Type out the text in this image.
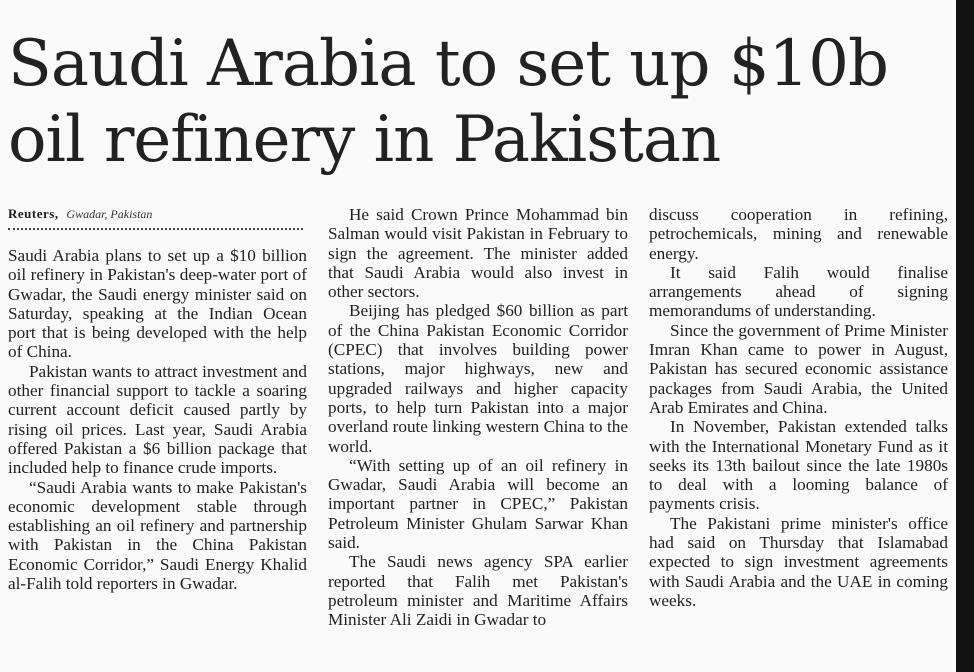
Saudi Arabia to set up $10b oil refinery in Pakistan
Reuters, Gwadar, Pakistan

Saudi Arabia plans to set up a $10 billion oil refinery in Pakistan's deep-water port of Gwadar, the Saudi energy minister said on Saturday, speaking at the Indian Ocean port that is being developed with the help of China.

Pakistan wants to attract investment and other financial support to tackle a soaring current account deficit caused partly by rising oil prices. Last year, Saudi Arabia offered Pakistan a $6 billion package that included help to finance crude imports.

“Saudi Arabia wants to make Pakistan's economic development stable through establishing an oil refinery and partnership with Pakistan in the China Pakistan Economic Corridor,” Saudi Energy Khalid al-Falih told reporters in Gwadar.

He said Crown Prince Mohammad bin Salman would visit Pakistan in February to sign the agreement. The minister added that Saudi Arabia would also invest in other sectors.

Beijing has pledged $60 billion as part of the China Pakistan Economic Corridor (CPEC) that involves building power stations, major highways, new and upgraded railways and higher capacity ports, to help turn Pakistan into a major overland route linking western China to the world.

“With setting up of an oil refinery in Gwadar, Saudi Arabia will become an important partner in CPEC,” Pakistan Petroleum Minister Ghulam Sarwar Khan said.

The Saudi news agency SPA earlier reported that Falih met Pakistan's petroleum minister and Maritime Affairs Minister Ali Zaidi in Gwadar to

discuss cooperation in refining, petrochemicals, mining and renewable energy.

It said Falih would finalise arrangements ahead of signing memorandums of understanding.

Since the government of Prime Minister Imran Khan came to power in August, Pakistan has secured economic assistance packages from Saudi Arabia, the United Arab Emirates and China.

In November, Pakistan extended talks with the International Monetary Fund as it seeks its 13th bailout since the late 1980s to deal with a looming balance of payments crisis.

The Pakistani prime minister's office had said on Thursday that Islamabad expected to sign investment agreements with Saudi Arabia and the UAE in coming weeks.
